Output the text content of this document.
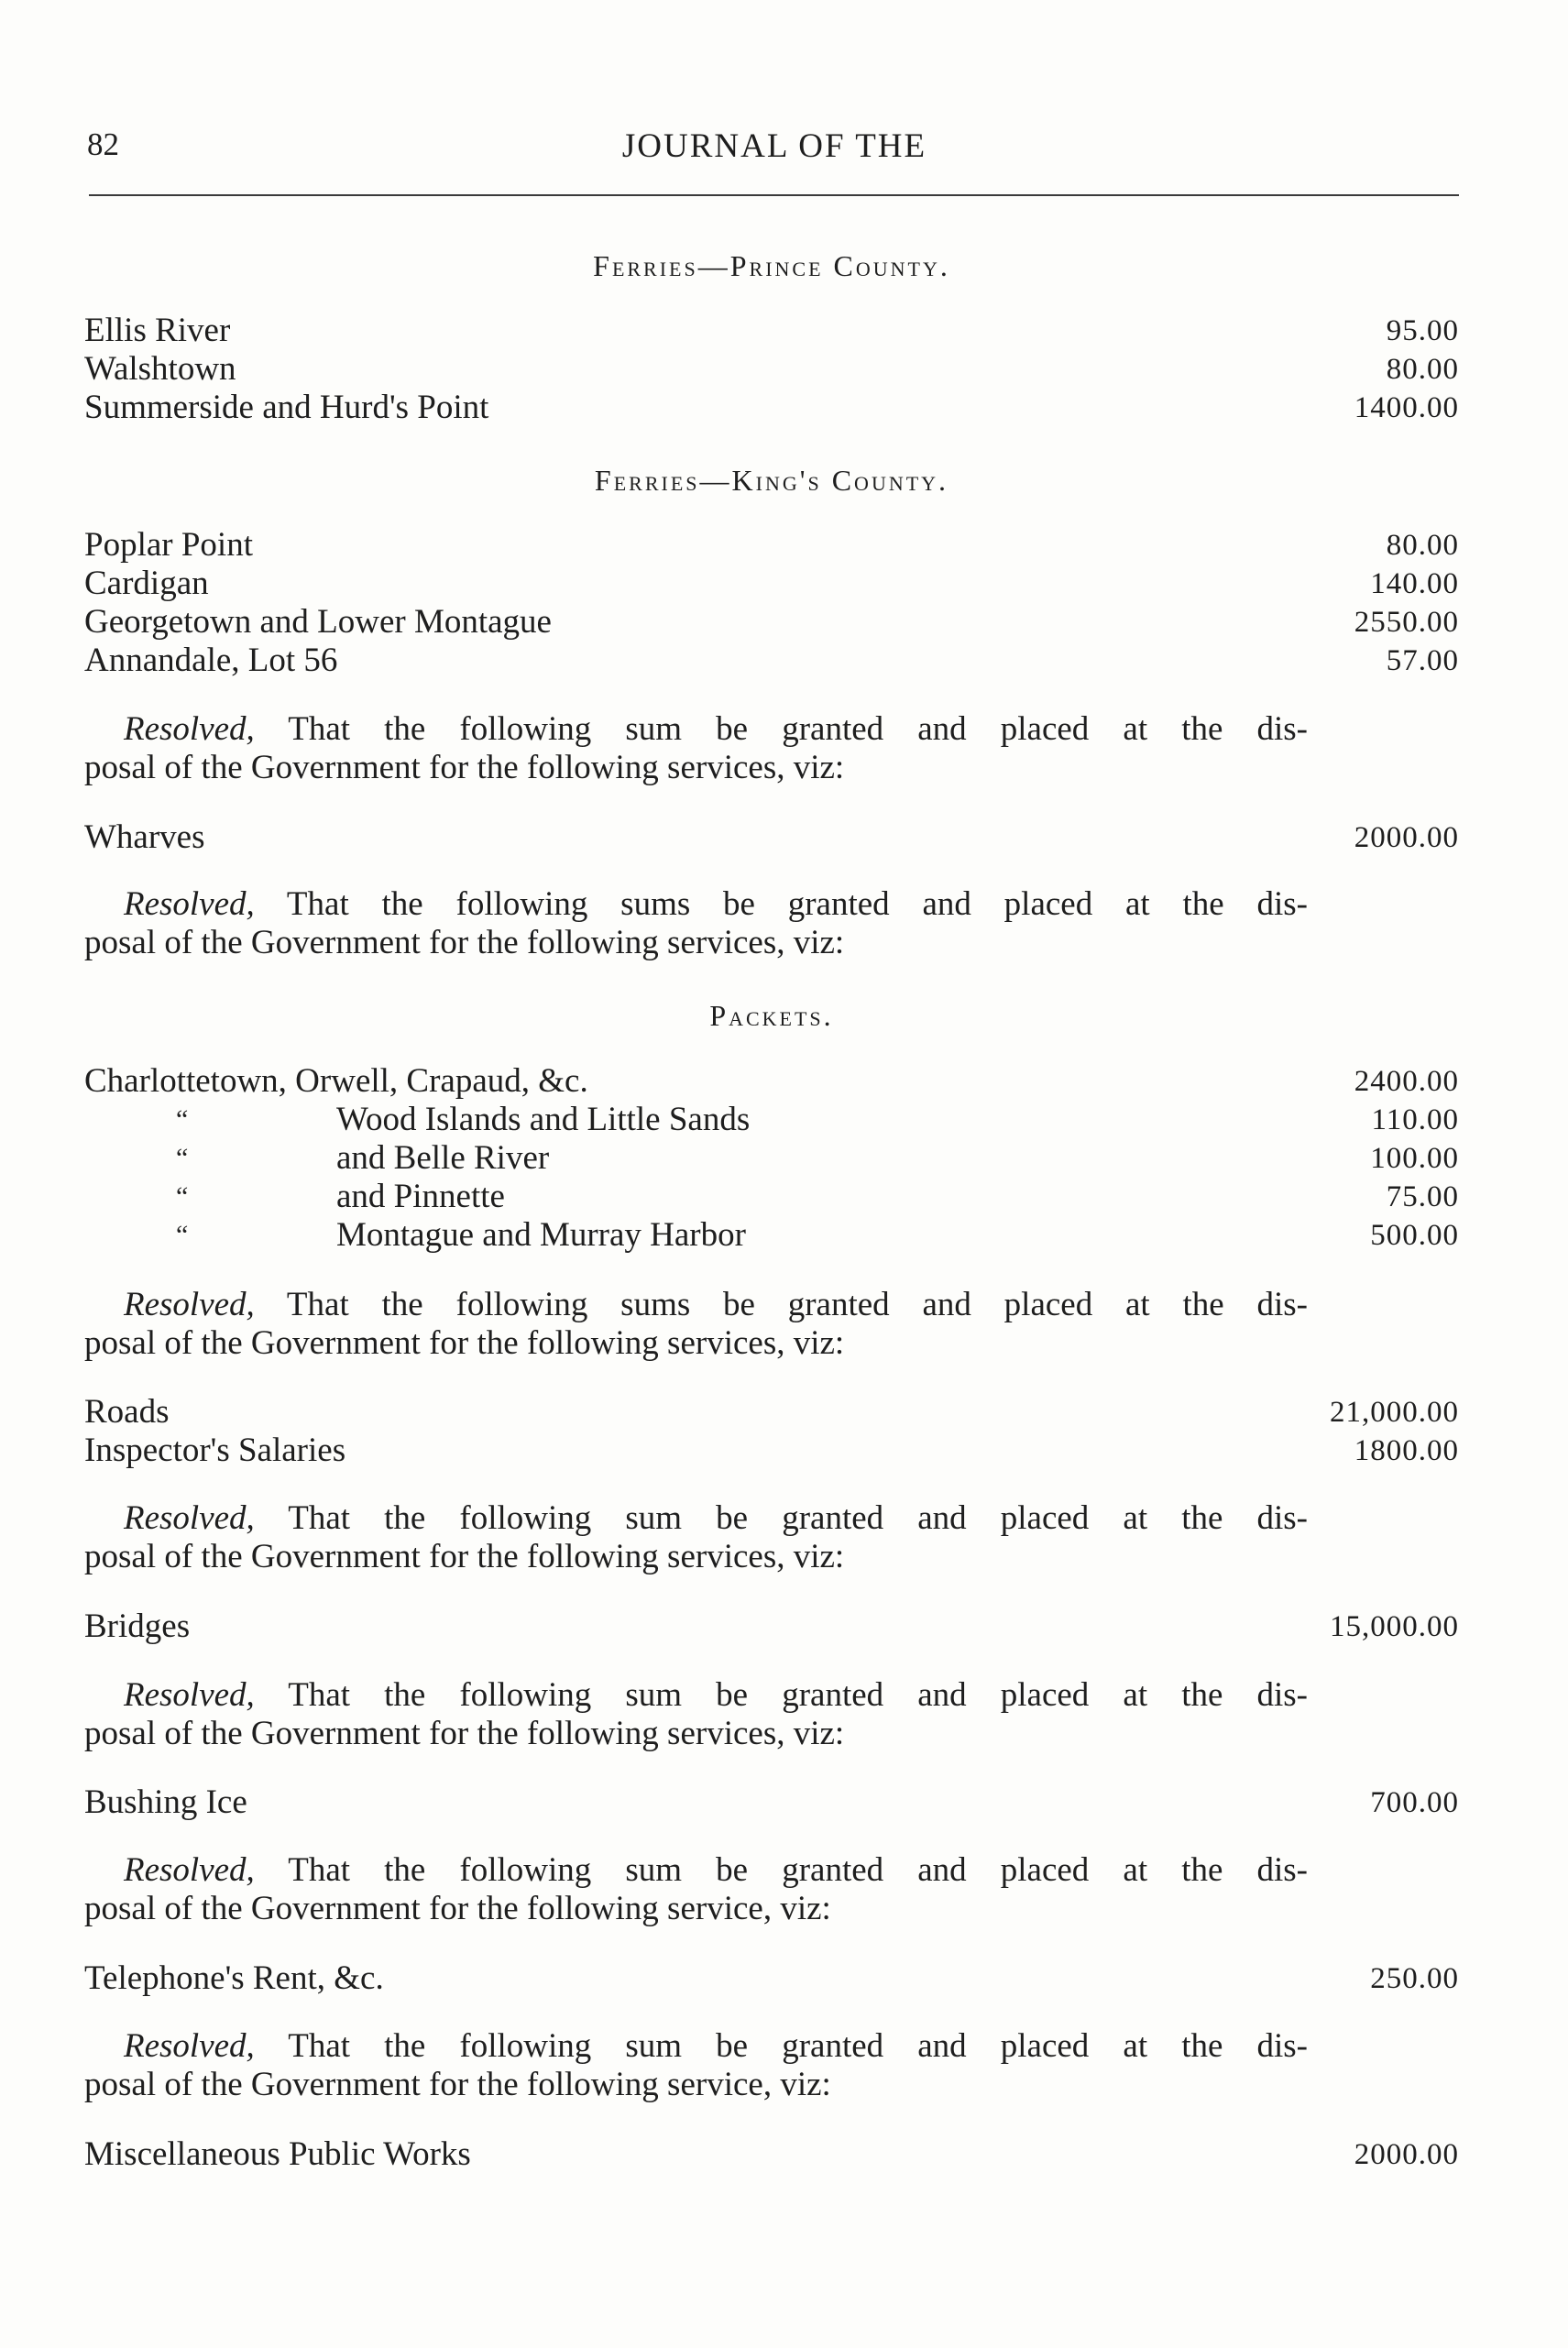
82	JOURNAL OF THE
Ferries—Prince County.
Ellis River	95.00
Walshtown	80.00
Summerside and Hurd's Point	1400.00
Ferries—King's County.
Poplar Point	80.00
Cardigan	140.00
Georgetown and Lower Montague	2550.00
Annandale, Lot 56	57.00
Resolved, That the following sum be granted and placed at the dis-
posal of the Government for the following services, viz:
Wharves	2000.00
Resolved, That the following sums be granted and placed at the dis-
posal of the Government for the following services, viz:
Packets.
Charlottetown, Orwell, Crapaud, &c.	2400.00
“	Wood Islands and Little Sands	110.00
“	and Belle River	100.00
“	and Pinnette	75.00
“	Montague and Murray Harbor	500.00
Resolved, That the following sums be granted and placed at the dis-
posal of the Government for the following services, viz:
Roads	21,000.00
Inspector's Salaries	1800.00
Resolved, That the following sum be granted and placed at the dis-
posal of the Government for the following services, viz:
Bridges	15,000.00
Resolved, That the following sum be granted and placed at the dis-
posal of the Government for the following services, viz:
Bushing Ice	700.00
Resolved, That the following sum be granted and placed at the dis-
posal of the Government for the following service, viz:
Telephone's Rent, &c.	250.00
Resolved, That the following sum be granted and placed at the dis-
posal of the Government for the following service, viz:
Miscellaneous Public Works	2000.00
